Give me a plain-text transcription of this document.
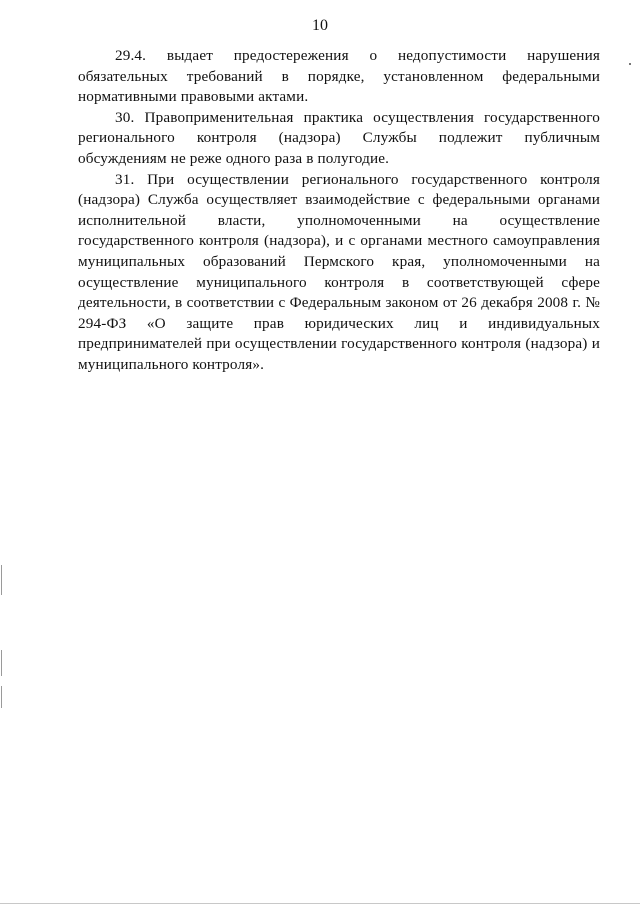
10

29.4. выдает предостережения о недопустимости нарушения обязательных требований в порядке, установленном федеральными нормативными правовыми актами.

30. Правоприменительная практика осуществления государственного регионального контроля (надзора) Службы подлежит публичным обсуждениям не реже одного раза в полугодие.

31. При осуществлении регионального государственного контроля (надзора) Служба осуществляет взаимодействие с федеральными органами исполнительной власти, уполномоченными на осуществление государственного контроля (надзора), и с органами местного самоуправления муниципальных образований Пермского края, уполномоченными на осуществление муниципального контроля в соответствующей сфере деятельности, в соответствии с Федеральным законом от 26 декабря 2008 г. № 294-ФЗ «О защите прав юридических лиц и индивидуальных предпринимателей при осуществлении государственного контроля (надзора) и муниципального контроля».
